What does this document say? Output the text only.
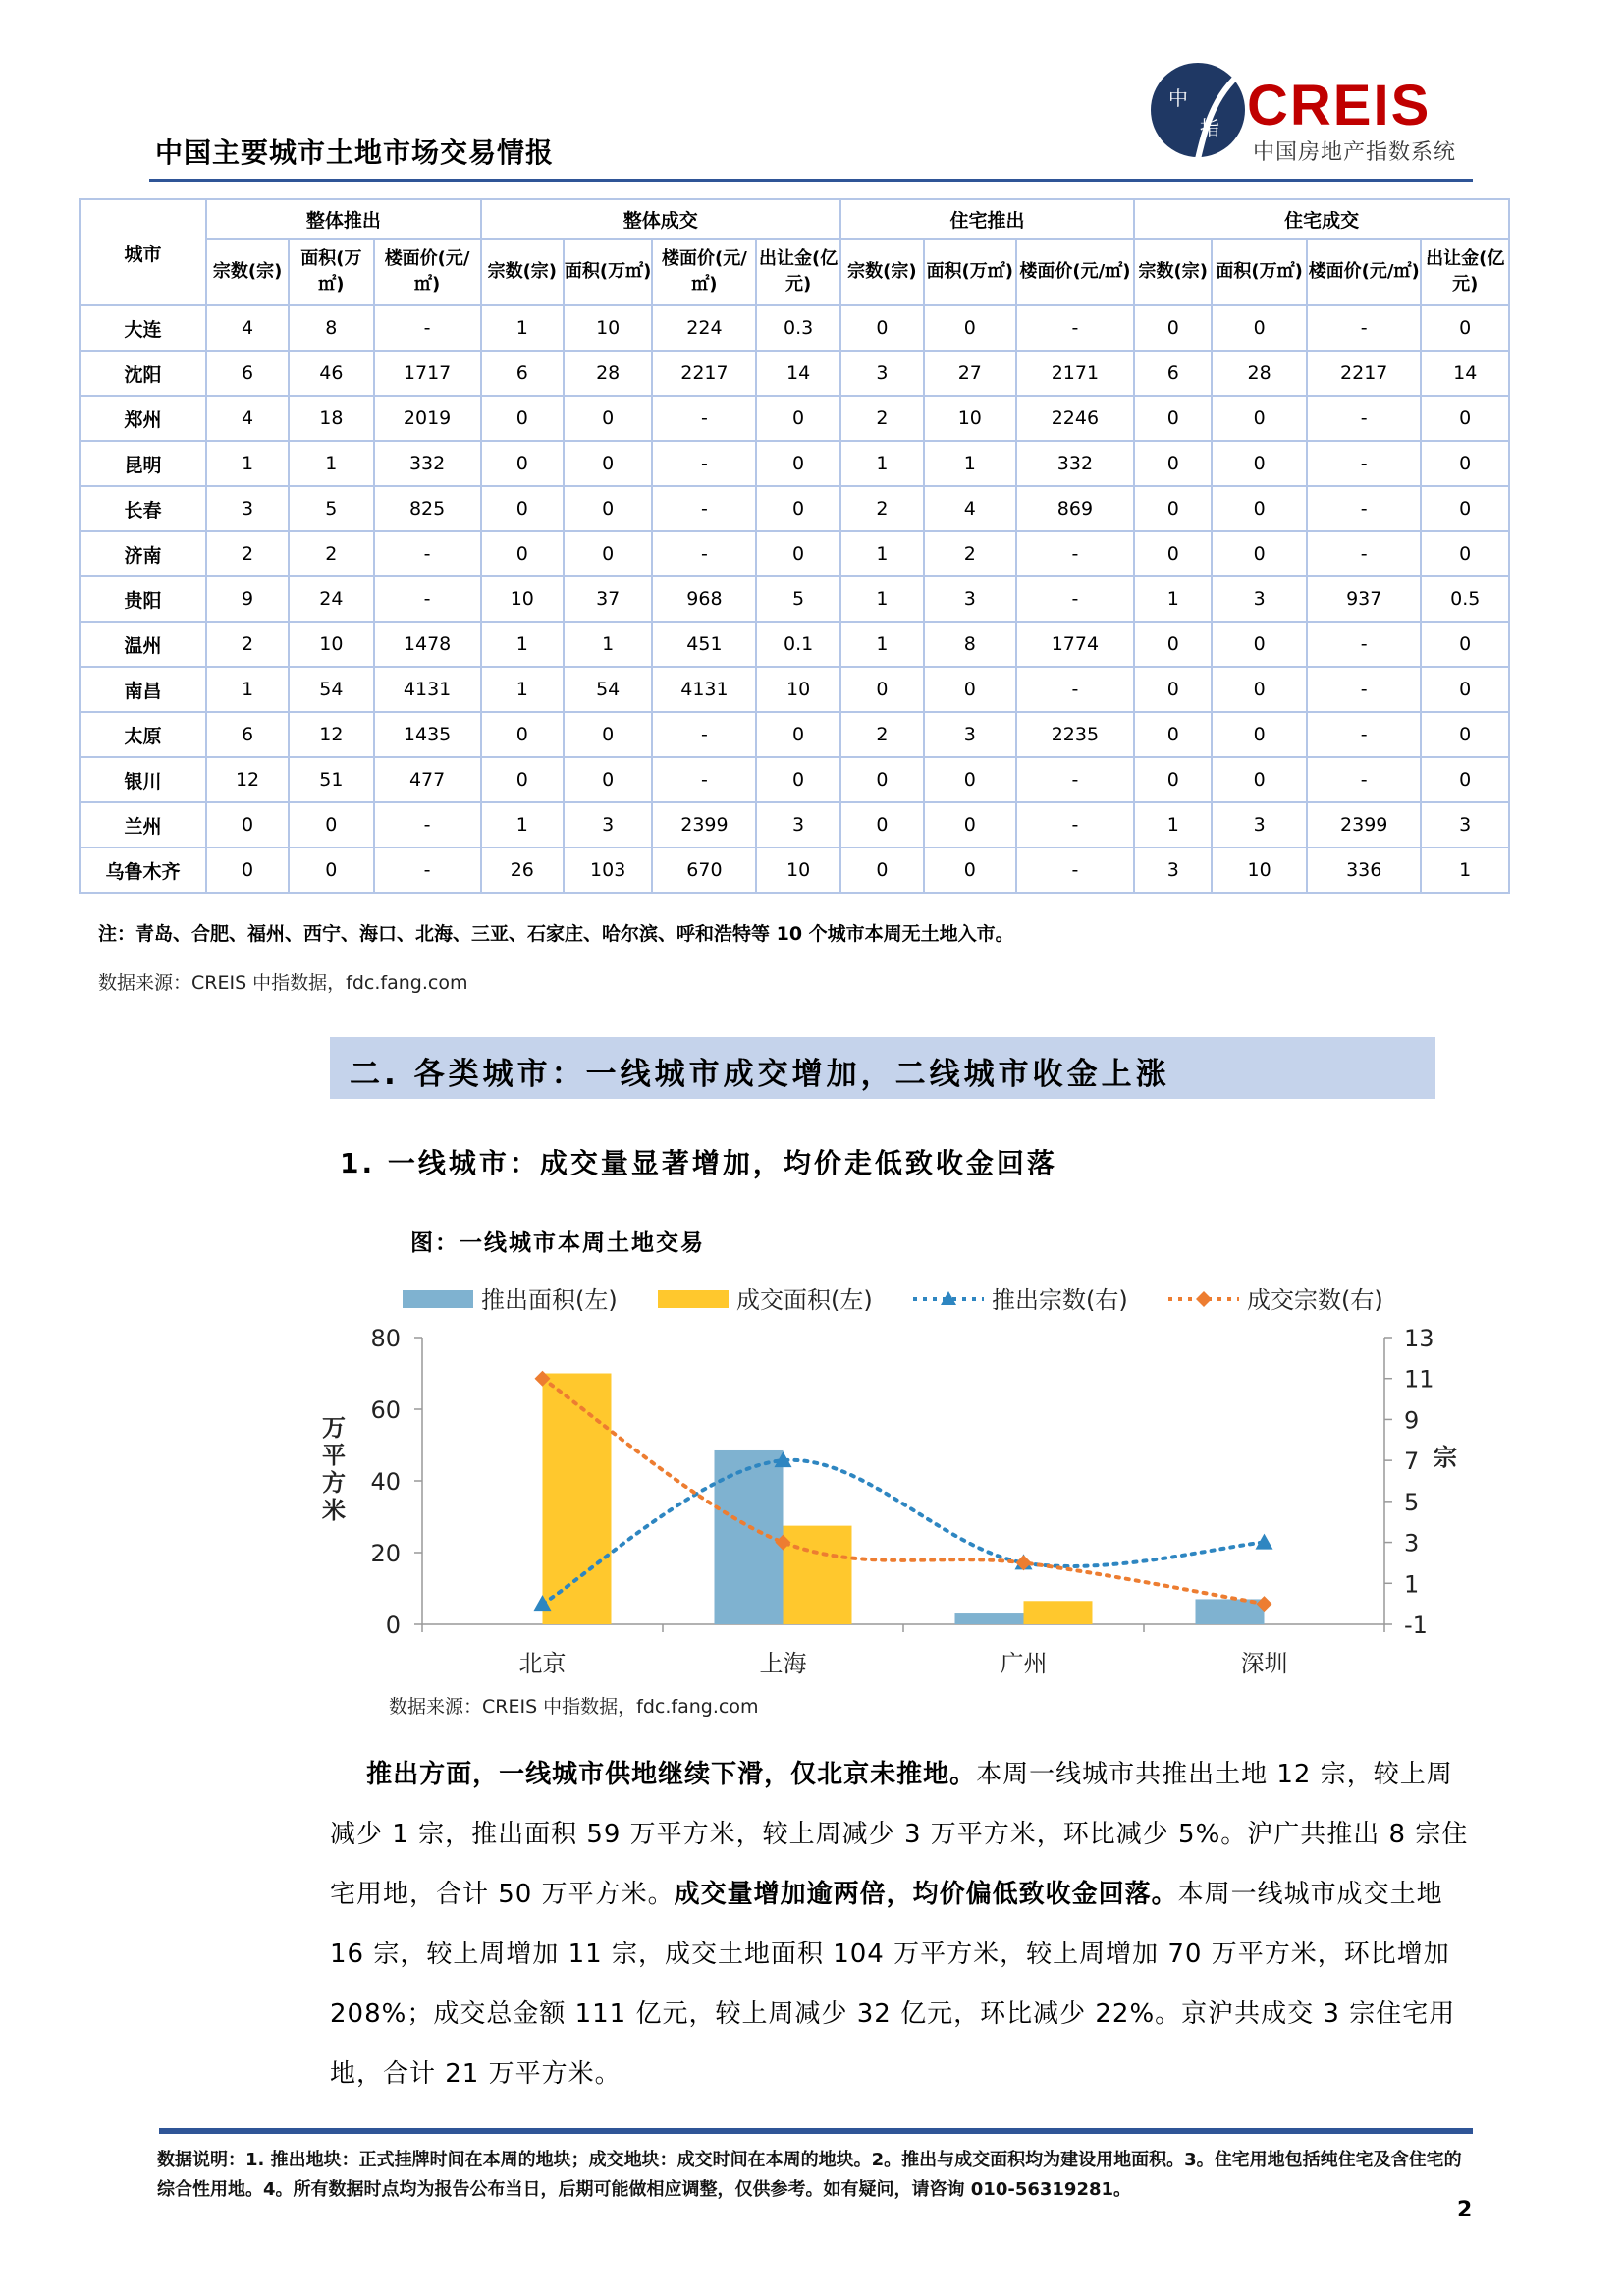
中
指 CREIS
中国房地产指数系统
中国主要城市土地市场交易情报
城市	整体推出			整体成交				住宅推出			住宅成交			
	宗数(宗)	面积(万㎡)	楼面价(元/㎡)	宗数(宗)	面积(万㎡)	楼面价(元/㎡)	出让金(亿元)	宗数(宗)	面积(万㎡)	楼面价(元/㎡)	宗数(宗)	面积(万㎡)	楼面价(元/㎡)	出让金(亿元)
大连	4	8	-	1	10	224	0.3	0	0	-	0	0	-	0
沈阳	6	46	1717	6	28	2217	14	3	27	2171	6	28	2217	14
郑州	4	18	2019	0	0	-	0	2	10	2246	0	0	-	0
昆明	1	1	332	0	0	-	0	1	1	332	0	0	-	0
长春	3	5	825	0	0	-	0	2	4	869	0	0	-	0
济南	2	2	-	0	0	-	0	1	2	-	0	0	-	0
贵阳	9	24	-	10	37	968	5	1	3	-	1	3	937	0.5
温州	2	10	1478	1	1	451	0.1	1	8	1774	0	0	-	0
南昌	1	54	4131	1	54	4131	10	0	0	-	0	0	-	0
太原	6	12	1435	0	0	-	0	2	3	2235	0	0	-	0
银川	12	51	477	0	0	-	0	0	0	-	0	0	-	0
兰州	0	0	-	1	3	2399	3	0	0	-	1	3	2399	3
乌鲁木齐	0	0	-	26	103	670	10	0	0	-	3	10	336	1
注：青岛、合肥、福州、西宁、海口、北海、三亚、石家庄、哈尔滨、呼和浩特等 10 个城市本周无土地入市。
数据来源：CREIS 中指数据，fdc.fang.com
二. 各类城市：一线城市成交增加，二线城市收金上涨
1. 一线城市：成交量显著增加，均价走低致收金回落
图：一线城市本周土地交易
推出面积(左)	成交面积(左)	推出宗数(右)	成交宗数(右)
0
20
40
60
80
-1
1
3
5
7
9
11
13
北京	上海	广州	深圳
万
平
方
米
宗
数据来源：CREIS 中指数据，fdc.fang.com
推出方面，一线城市供地继续下滑，仅北京未推地。本周一线城市共推出土地 12 宗，较上周减少 1 宗，推出面积 59 万平方米，较上周减少 3 万平方米，环比减少 5%。沪广共推出 8 宗住宅用地，合计 50 万平方米。成交量增加逾两倍，均价偏低致收金回落。本周一线城市成交土地 16 宗，较上周增加 11 宗，成交土地面积 104 万平方米，较上周增加 70 万平方米，环比增加 208%；成交总金额 111 亿元，较上周减少 32 亿元，环比减少 22%。京沪共成交 3 宗住宅用地，合计 21 万平方米。
数据说明：1. 推出地块：正式挂牌时间在本周的地块；成交地块：成交时间在本周的地块。2。推出与成交面积均为建设用地面积。3。住宅用地包括纯住宅及含住宅的综合性用地。4。所有数据时点均为报告公布当日，后期可能做相应调整，仅供参考。如有疑问，请咨询 010-56319281。
2
